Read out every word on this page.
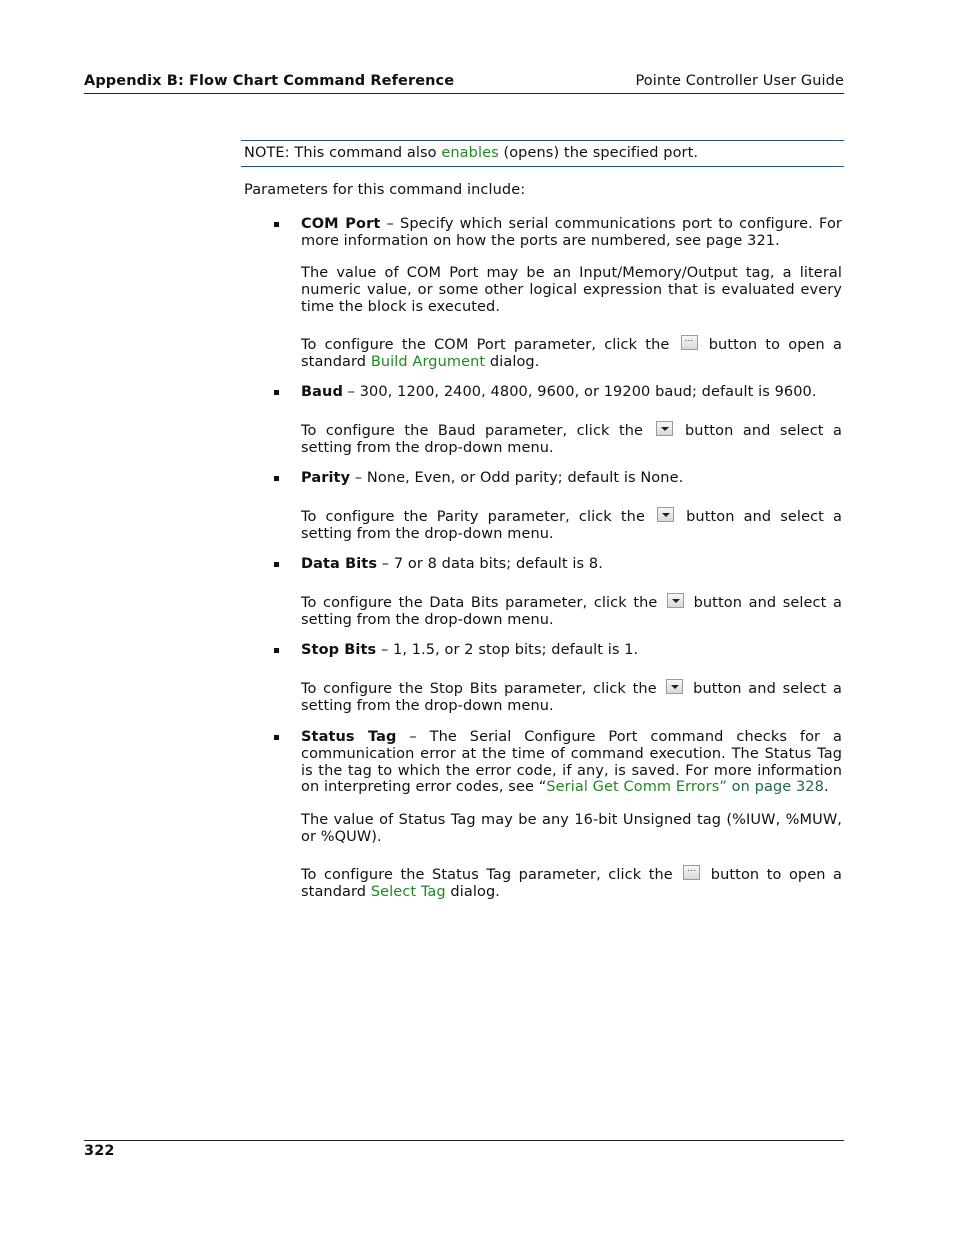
Appendix B: Flow Chart Command Reference	Pointe Controller User Guide
NOTE: This command also enables (opens) the specified port.
Parameters for this command include:
COM Port – Specify which serial communications port to configure. For more information on how the ports are numbered, see page 321.
The value of COM Port may be an Input/Memory/Output tag, a literal numeric value, or some other logical expression that is evaluated every time the block is executed.
To configure the COM Port parameter, click the ...	button to open a standard Build Argument dialog.
Baud – 300, 1200, 2400, 4800, 9600, or 19200 baud; default is 9600.
To configure the Baud parameter, click the	button and select a setting from the drop-down menu.
Parity – None, Even, or Odd parity; default is None.
To configure the Parity parameter, click the	button and select a setting from the drop-down menu.
Data Bits – 7 or 8 data bits; default is 8.
To configure the Data Bits parameter, click the button and select a setting from the drop-down menu.
Stop Bits – 1, 1.5, or 2 stop bits; default is 1.
To configure the Stop Bits parameter, click the	button and select a setting from the drop-down menu.
Status Tag – The Serial Configure Port command checks for a communication error at the time of command execution. The Status Tag is the tag to which the error code, if any, is saved. For more information on interpreting error codes, see “Serial Get Comm Errors” on page 328.
The value of Status Tag may be any 16-bit Unsigned tag (%IUW, %MUW, or %QUW).
To configure the Status Tag parameter, click the ...	button to open a standard Select Tag dialog.
322
